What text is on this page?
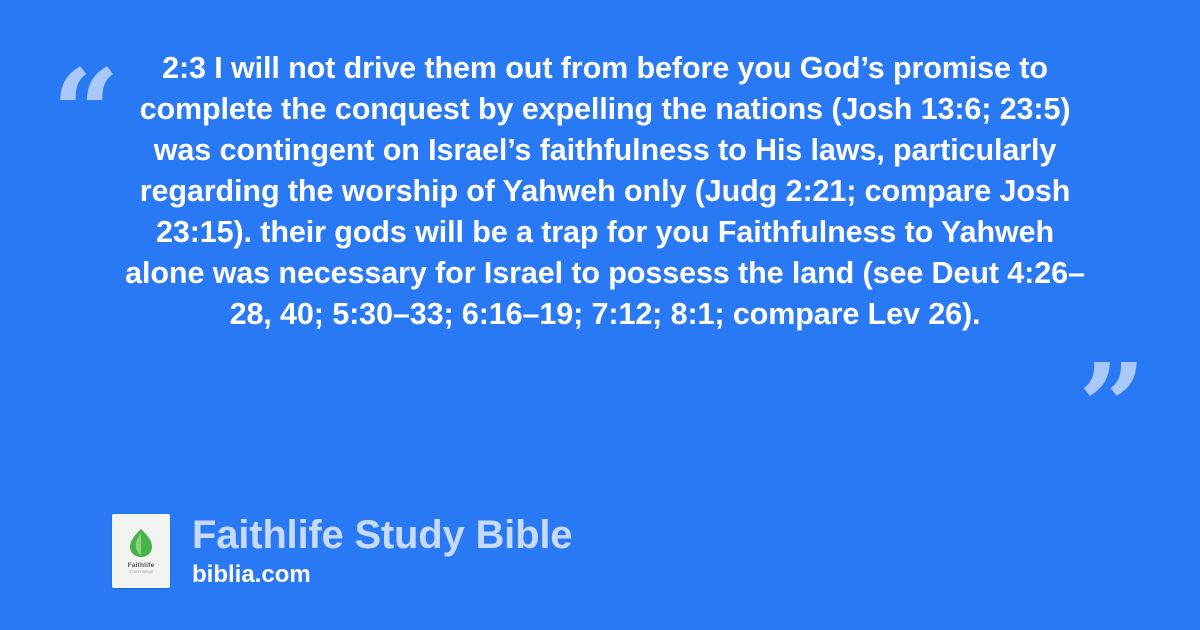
“
”

2:3 I will not drive them out from before you God’s promise to complete the conquest by expelling the nations (Josh 13:6; 23:5) was contingent on Israel’s faithfulness to His laws, particularly regarding the worship of Yahweh only (Judg 2:21; compare Josh 23:15). their gods will be a trap for you Faithfulness to Yahweh alone was necessary for Israel to possess the land (see Deut 4:26–28, 40; 5:30–33; 6:16–19; 7:12; 8:1; compare Lev 26).

Faithlife
STUDY BIBLE
Faithlife Study Bible
biblia.com
